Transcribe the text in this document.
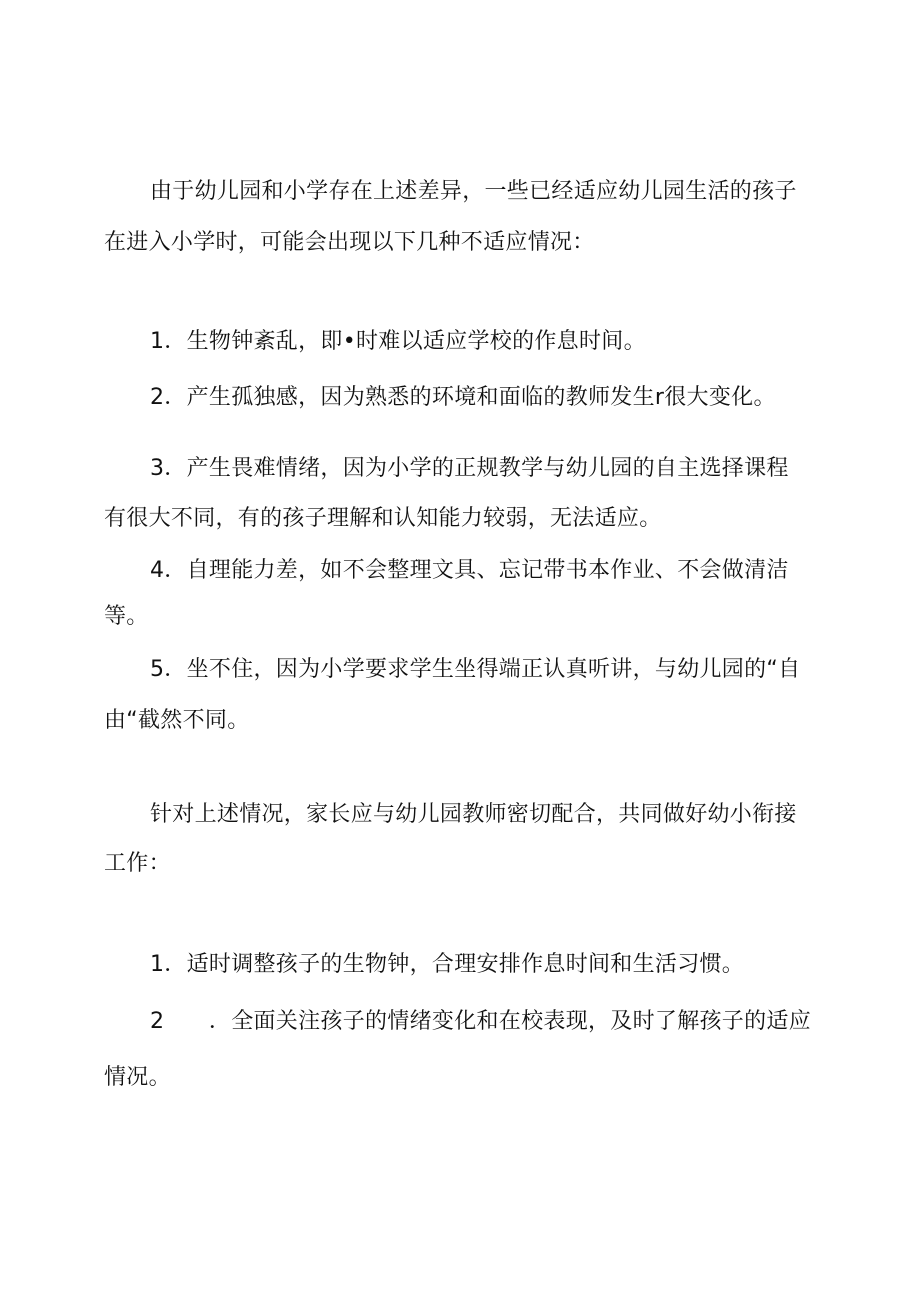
由于幼儿园和小学存在上述差异，一些已经适应幼儿园生活的孩子

在进入小学时，可能会出现以下几种不适应情况：

1．生物钟紊乱，即•时难以适应学校的作息时间。

2．产生孤独感，因为熟悉的环境和面临的教师发生r很大变化。

3．产生畏难情绪，因为小学的正规教学与幼儿园的自主选择课程

有很大不同，有的孩子理解和认知能力较弱，无法适应。

4．自理能力差，如不会整理文具、忘记带书本作业、不会做清洁

等。

5．坐不住，因为小学要求学生坐得端正认真听讲，与幼儿园的“自

由“截然不同。

针对上述情况，家长应与幼儿园教师密切配合，共同做好幼小衔接

工作：

1．适时调整孩子的生物钟，合理安排作息时间和生活习惯。

2　　．全面关注孩子的情绪变化和在校表现，及时了解孩子的适应

情况。
